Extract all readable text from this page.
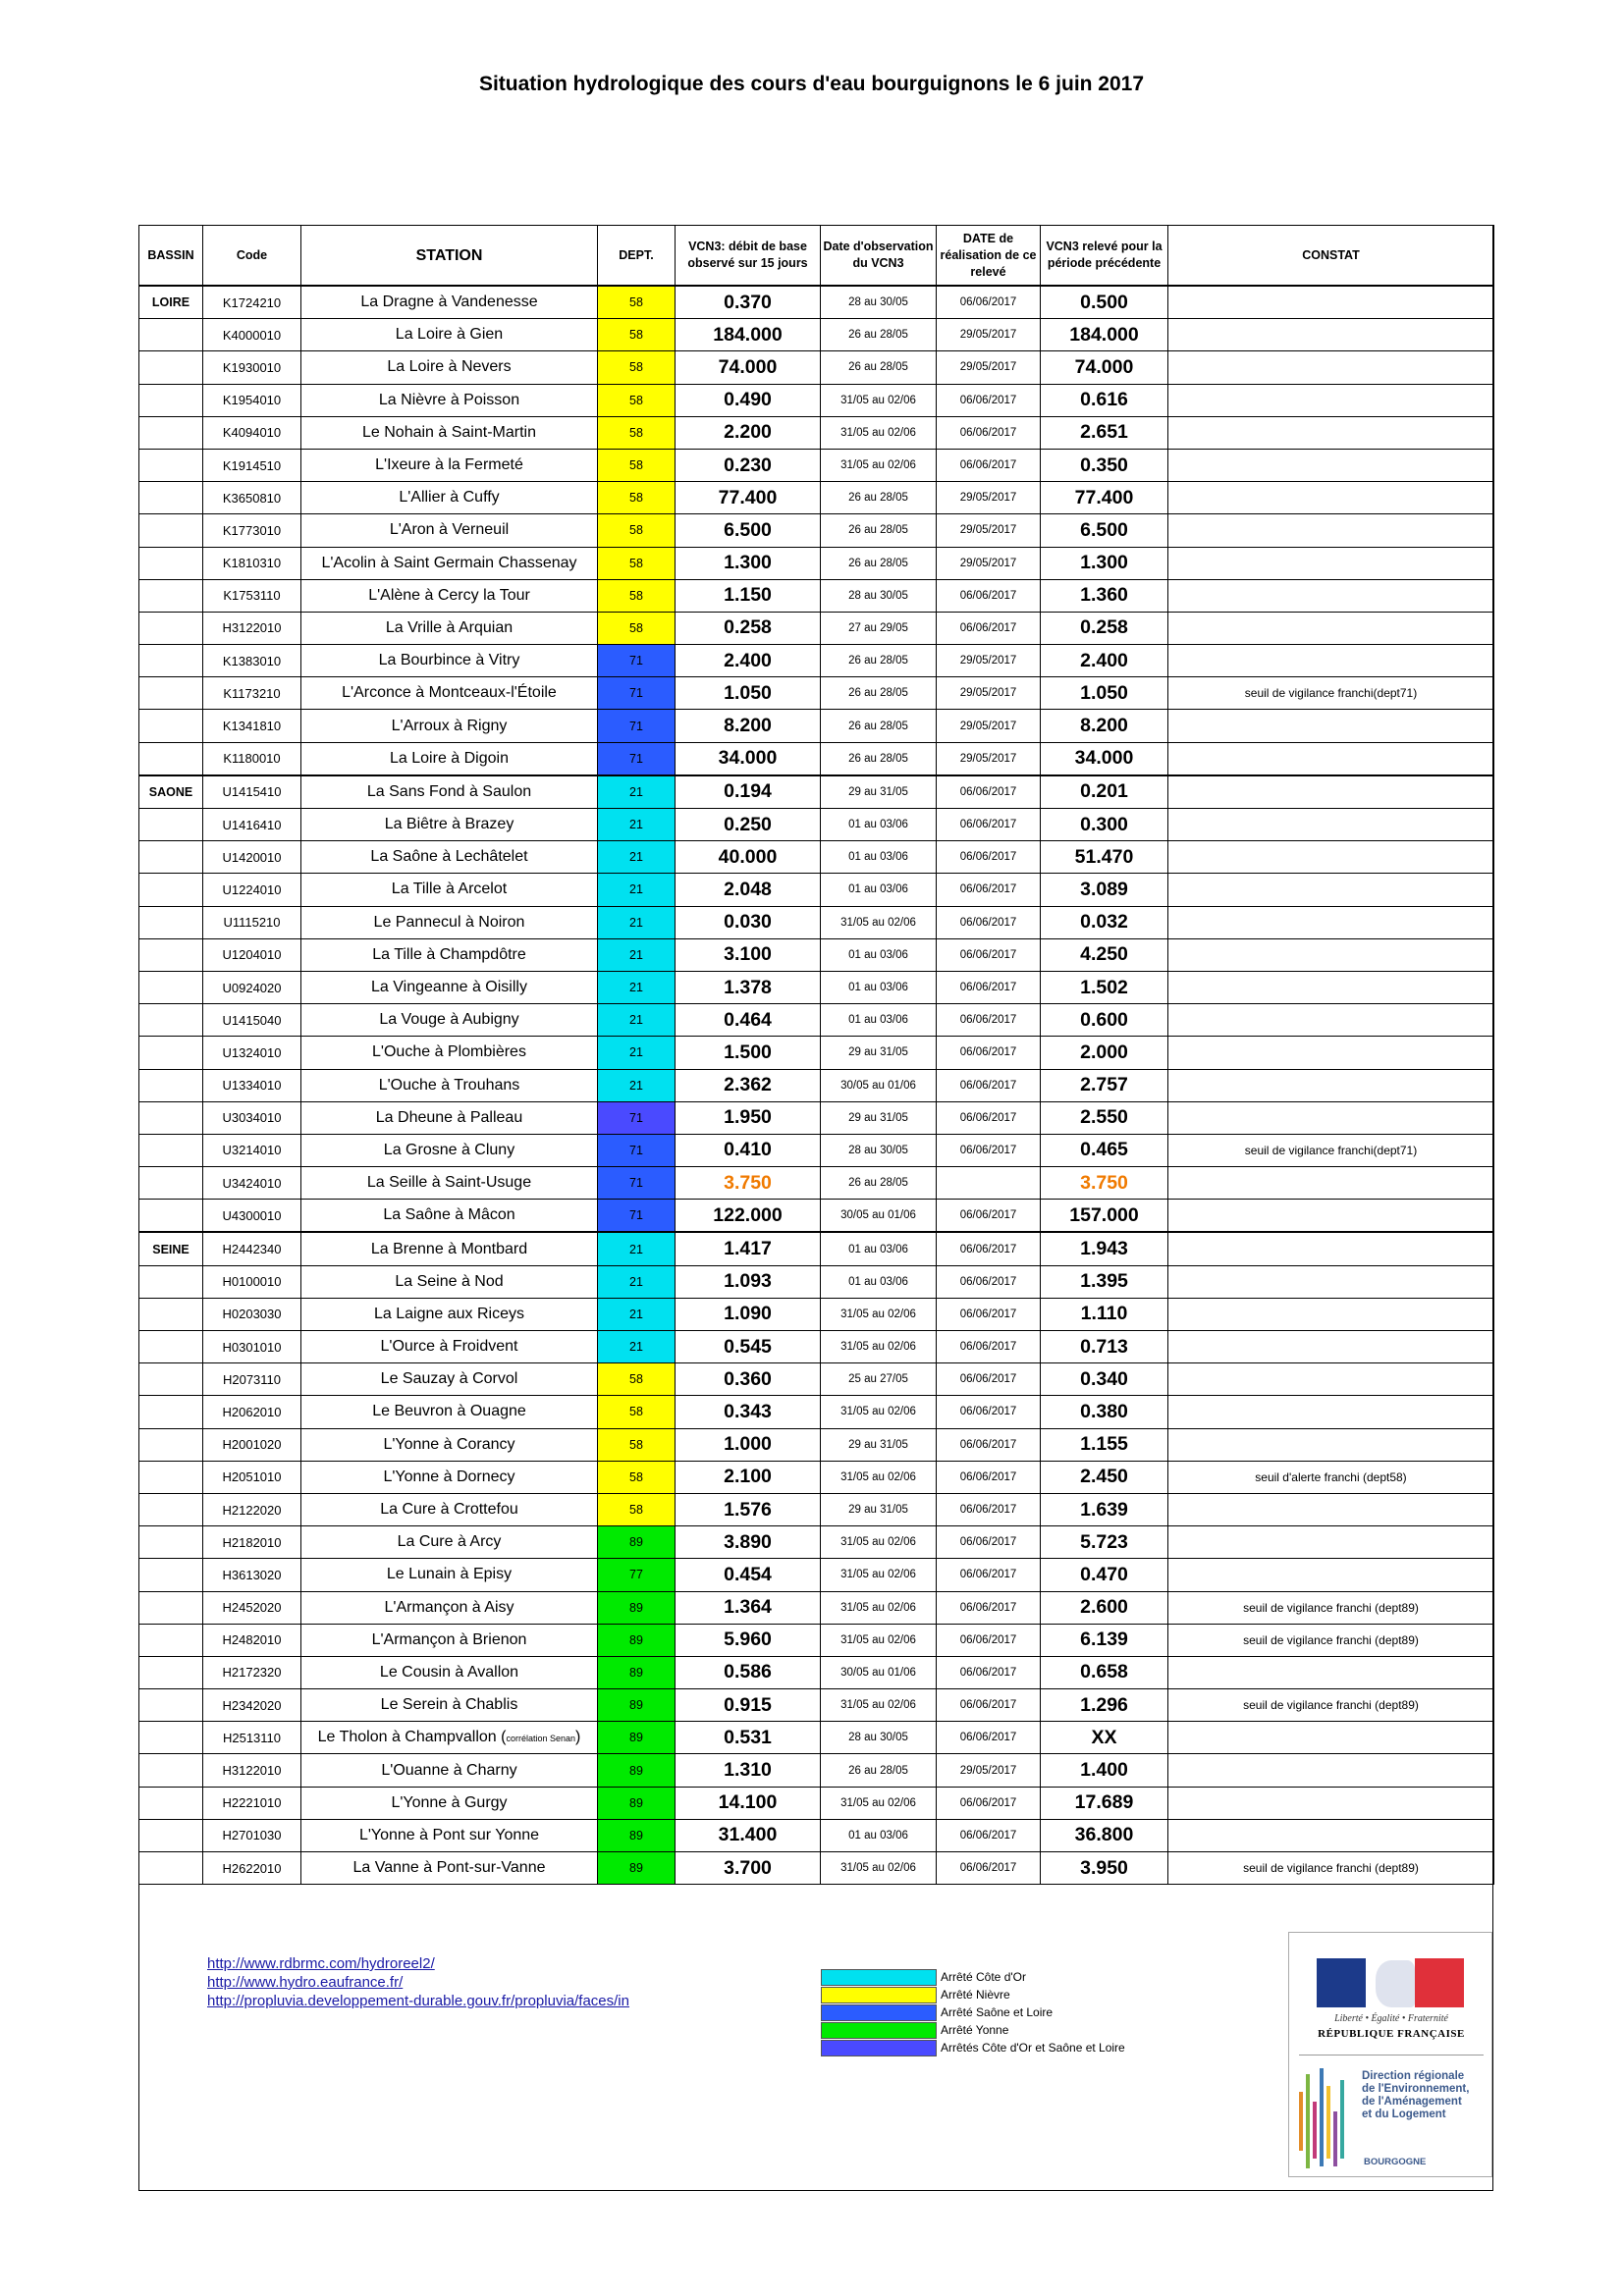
Situation hydrologique des cours d'eau bourguignons le 6 juin 2017
BASSIN	Code	STATION	DEPT.	VCN3: débit de base observé sur 15 jours	Date d'observation du VCN3	DATE de réalisation de ce relevé	VCN3 relevé pour la période précédente	CONSTAT
LOIRE	K1724210	La Dragne à Vandenesse	58	0.370	28 au 30/05	06/06/2017	0.500	
	K4000010	La Loire à Gien	58	184.000	26 au 28/05	29/05/2017	184.000	
	K1930010	La Loire à Nevers	58	74.000	26 au 28/05	29/05/2017	74.000	
	K1954010	La Nièvre à Poisson	58	0.490	31/05 au 02/06	06/06/2017	0.616	
	K4094010	Le Nohain à Saint-Martin	58	2.200	31/05 au 02/06	06/06/2017	2.651	
	K1914510	L'Ixeure à la Fermeté	58	0.230	31/05 au 02/06	06/06/2017	0.350	
	K3650810	L'Allier à Cuffy	58	77.400	26 au 28/05	29/05/2017	77.400	
	K1773010	L'Aron à Verneuil	58	6.500	26 au 28/05	29/05/2017	6.500	
	K1810310	L'Acolin à Saint Germain Chassenay	58	1.300	26 au 28/05	29/05/2017	1.300	
	K1753110	L'Alène à Cercy la Tour	58	1.150	28 au 30/05	06/06/2017	1.360	
	H3122010	La Vrille à Arquian	58	0.258	27 au 29/05	06/06/2017	0.258	
	K1383010	La Bourbince à Vitry	71	2.400	26 au 28/05	29/05/2017	2.400	
	K1173210	L'Arconce à Montceaux-l'Étoile	71	1.050	26 au 28/05	29/05/2017	1.050	seuil de vigilance franchi(dept71)
	K1341810	L'Arroux à Rigny	71	8.200	26 au 28/05	29/05/2017	8.200	
	K1180010	La Loire à Digoin	71	34.000	26 au 28/05	29/05/2017	34.000	
SAONE	U1415410	La Sans Fond à Saulon	21	0.194	29 au 31/05	06/06/2017	0.201	
	U1416410	La Biêtre à Brazey	21	0.250	01 au 03/06	06/06/2017	0.300	
	U1420010	La Saône à Lechâtelet	21	40.000	01 au 03/06	06/06/2017	51.470	
	U1224010	La Tille à Arcelot	21	2.048	01 au 03/06	06/06/2017	3.089	
	U1115210	Le Pannecul à Noiron	21	0.030	31/05 au 02/06	06/06/2017	0.032	
	U1204010	La Tille à Champdôtre	21	3.100	01 au 03/06	06/06/2017	4.250	
	U0924020	La Vingeanne à Oisilly	21	1.378	01 au 03/06	06/06/2017	1.502	
	U1415040	La Vouge à Aubigny	21	0.464	01 au 03/06	06/06/2017	0.600	
	U1324010	L'Ouche à Plombières	21	1.500	29 au 31/05	06/06/2017	2.000	
	U1334010	L'Ouche à Trouhans	21	2.362	30/05 au 01/06	06/06/2017	2.757	
	U3034010	La Dheune à Palleau	71	1.950	29 au 31/05	06/06/2017	2.550	
	U3214010	La Grosne à Cluny	71	0.410	28 au 30/05	06/06/2017	0.465	seuil de vigilance franchi(dept71)
	U3424010	La Seille à Saint-Usuge	71	3.750	26 au 28/05		3.750	
	U4300010	La Saône à Mâcon	71	122.000	30/05 au 01/06	06/06/2017	157.000	
SEINE	H2442340	La Brenne à Montbard	21	1.417	01 au 03/06	06/06/2017	1.943	
	H0100010	La Seine à Nod	21	1.093	01 au 03/06	06/06/2017	1.395	
	H0203030	La Laigne aux Riceys	21	1.090	31/05 au 02/06	06/06/2017	1.110	
	H0301010	L'Ource à Froidvent	21	0.545	31/05 au 02/06	06/06/2017	0.713	
	H2073110	Le Sauzay à Corvol	58	0.360	25 au 27/05	06/06/2017	0.340	
	H2062010	Le Beuvron à Ouagne	58	0.343	31/05 au 02/06	06/06/2017	0.380	
	H2001020	L'Yonne à Corancy	58	1.000	29 au 31/05	06/06/2017	1.155	
	H2051010	L'Yonne à Dornecy	58	2.100	31/05 au 02/06	06/06/2017	2.450	seuil d'alerte franchi (dept58)
	H2122020	La Cure à Crottefou	58	1.576	29 au 31/05	06/06/2017	1.639	
	H2182010	La Cure à Arcy	89	3.890	31/05 au 02/06	06/06/2017	5.723	
	H3613020	Le Lunain à Episy	77	0.454	31/05 au 02/06	06/06/2017	0.470	
	H2452020	L'Armançon à Aisy	89	1.364	31/05 au 02/06	06/06/2017	2.600	seuil de vigilance franchi (dept89)
	H2482010	L'Armançon à Brienon	89	5.960	31/05 au 02/06	06/06/2017	6.139	seuil de vigilance franchi (dept89)
	H2172320	Le Cousin à Avallon	89	0.586	30/05 au 01/06	06/06/2017	0.658	
	H2342020	Le Serein à Chablis	89	0.915	31/05 au 02/06	06/06/2017	1.296	seuil de vigilance franchi (dept89)
	H2513110	Le Tholon à Champvallon (corrélation Senan)	89	0.531	28 au 30/05	06/06/2017	XX	
	H3122010	L'Ouanne à Charny	89	1.310	26 au 28/05	29/05/2017	1.400	
	H2221010	L'Yonne à Gurgy	89	14.100	31/05 au 02/06	06/06/2017	17.689	
	H2701030	L'Yonne à Pont sur Yonne	89	31.400	01 au 03/06	06/06/2017	36.800	
	H2622010	La Vanne à Pont-sur-Vanne	89	3.700	31/05 au 02/06	06/06/2017	3.950	seuil de vigilance franchi (dept89)
http://www.rdbrmc.com/hydroreel2/
http://www.hydro.eaufrance.fr/
http://propluvia.developpement-durable.gouv.fr/propluvia/faces/in
Arrêté Côte d'Or
Arrêté Nièvre
Arrêté Saône et Loire
Arrêté Yonne
Arrêtés Côte d'Or et Saône et Loire
Liberté • Égalité • Fraternité
RÉPUBLIQUE FRANÇAISE
Direction régionale
de l'Environnement,
de l'Aménagement
et du Logement
BOURGOGNE
